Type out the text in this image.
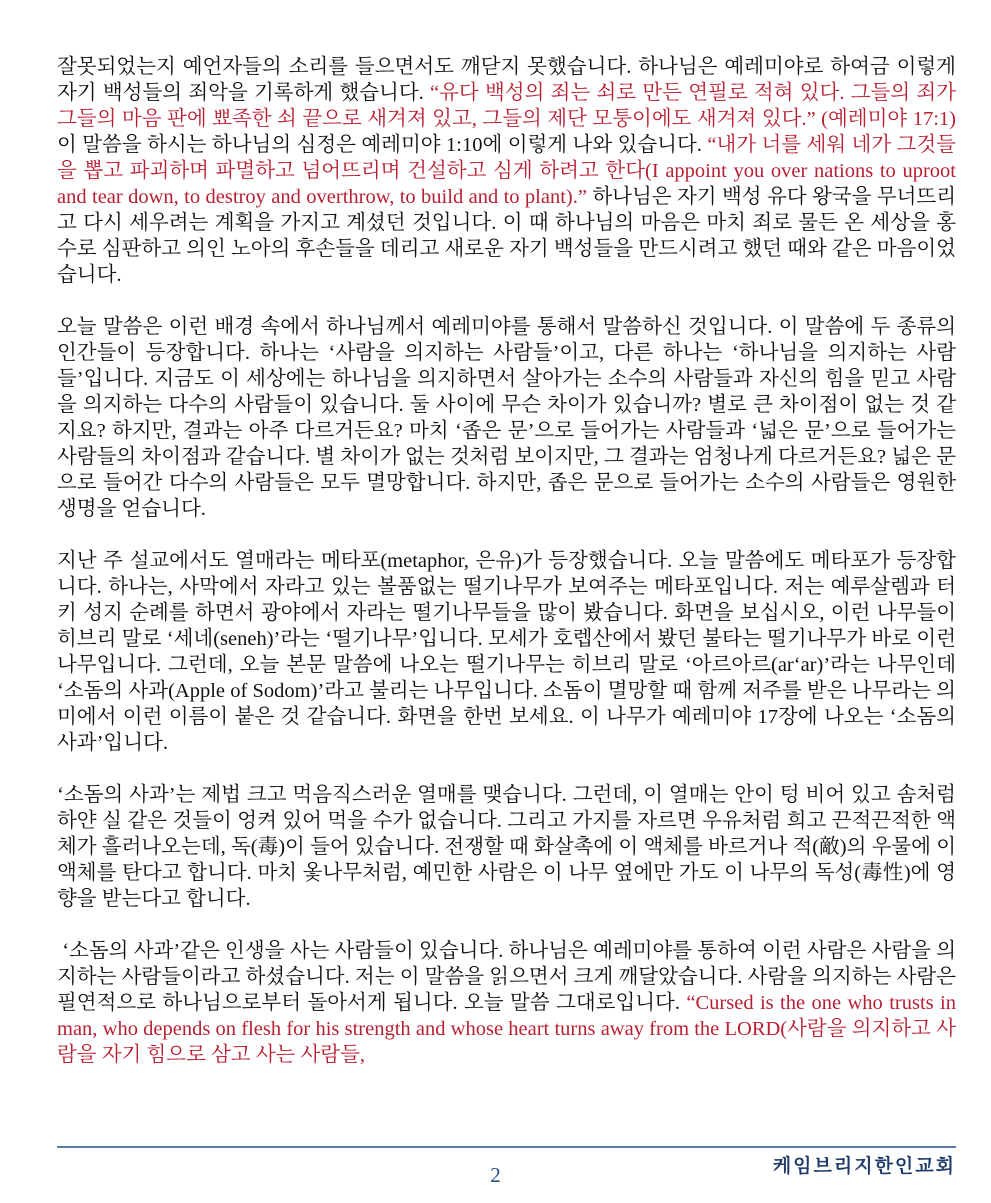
잘못되었는지 예언자들의 소리를 들으면서도 깨닫지 못했습니다. 하나님은 예레미야로 하여금 이렇게 자기 백성들의 죄악을 기록하게 했습니다. “유다 백성의 죄는 쇠로 만든 연필로 적혀 있다. 그들의 죄가 그들의 마음 판에 뾰족한 쇠 끝으로 새겨져 있고, 그들의 제단 모퉁이에도 새겨져 있다.” (예레미야 17:1) 이 말씀을 하시는 하나님의 심정은 예레미야 1:10에 이렇게 나와 있습니다. “내가 너를 세워 네가 그것들을 뽑고 파괴하며 파멸하고 넘어뜨리며 건설하고 심게 하려고 한다(I appoint you over nations to uproot and tear down, to destroy and overthrow, to build and to plant).” 하나님은 자기 백성 유다 왕국을 무너뜨리고 다시 세우려는 계획을 가지고 계셨던 것입니다. 이 때 하나님의 마음은 마치 죄로 물든 온 세상을 홍수로 심판하고 의인 노아의 후손들을 데리고 새로운 자기 백성들을 만드시려고 했던 때와 같은 마음이었습니다.

오늘 말씀은 이런 배경 속에서 하나님께서 예레미야를 통해서 말씀하신 것입니다. 이 말씀에 두 종류의 인간들이 등장합니다. 하나는 ‘사람을 의지하는 사람들’이고, 다른 하나는 ‘하나님을 의지하는 사람들’입니다. 지금도 이 세상에는 하나님을 의지하면서 살아가는 소수의 사람들과 자신의 힘을 믿고 사람을 의지하는 다수의 사람들이 있습니다. 둘 사이에 무슨 차이가 있습니까? 별로 큰 차이점이 없는 것 같지요? 하지만, 결과는 아주 다르거든요? 마치 ‘좁은 문’으로 들어가는 사람들과 ‘넓은 문’으로 들어가는 사람들의 차이점과 같습니다. 별 차이가 없는 것처럼 보이지만, 그 결과는 엄청나게 다르거든요? 넓은 문으로 들어간 다수의 사람들은 모두 멸망합니다. 하지만, 좁은 문으로 들어가는 소수의 사람들은 영원한 생명을 얻습니다.

지난 주 설교에서도 열매라는 메타포(metaphor, 은유)가 등장했습니다. 오늘 말씀에도 메타포가 등장합니다. 하나는, 사막에서 자라고 있는 볼품없는 떨기나무가 보여주는 메타포입니다. 저는 예루살렘과 터키 성지 순례를 하면서 광야에서 자라는 떨기나무들을 많이 봤습니다. 화면을 보십시오, 이런 나무들이 히브리 말로 ‘세네(seneh)’라는 ‘떨기나무’입니다. 모세가 호렙산에서 봤던 불타는 떨기나무가 바로 이런 나무입니다. 그런데, 오늘 본문 말씀에 나오는 떨기나무는 히브리 말로 ‘아르아르(ar‘ar)’라는 나무인데 ‘소돔의 사과(Apple of Sodom)’라고 불리는 나무입니다. 소돔이 멸망할 때 함께 저주를 받은 나무라는 의미에서 이런 이름이 붙은 것 같습니다. 화면을 한번 보세요. 이 나무가 예레미야 17장에 나오는 ‘소돔의 사과’입니다.

‘소돔의 사과’는 제법 크고 먹음직스러운 열매를 맺습니다. 그런데, 이 열매는 안이 텅 비어 있고 솜처럼 하얀 실 같은 것들이 엉켜 있어 먹을 수가 없습니다. 그리고 가지를 자르면 우유처럼 희고 끈적끈적한 액체가 흘러나오는데, 독(毒)이 들어 있습니다. 전쟁할 때 화살촉에 이 액체를 바르거나 적(敵)의 우물에 이 액체를 탄다고 합니다. 마치 옻나무처럼, 예민한 사람은 이 나무 옆에만 가도 이 나무의 독성(毒性)에 영향을 받는다고 합니다.

‘소돔의 사과’같은 인생을 사는 사람들이 있습니다. 하나님은 예레미야를 통하여 이런 사람은 사람을 의지하는 사람들이라고 하셨습니다. 저는 이 말씀을 읽으면서 크게 깨달았습니다. 사람을 의지하는 사람은 필연적으로 하나님으로부터 돌아서게 됩니다. 오늘 말씀 그대로입니다. “Cursed is the one who trusts in man, who depends on flesh for his strength and whose heart turns away from the LORD(사람을 의지하고 사람을 자기 힘으로 삼고 사는 사람들,

케임브리지한인교회
2
